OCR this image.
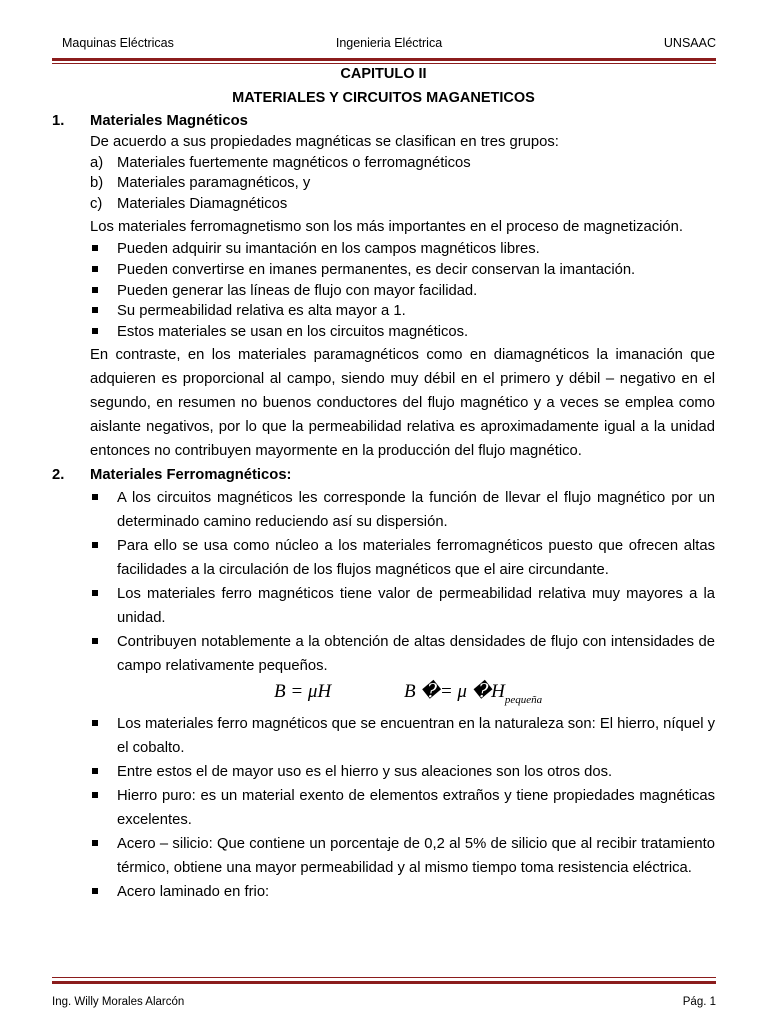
Maquinas Eléctricas	Ingenieria Eléctrica	UNSAAC
CAPITULO II
MATERIALES Y CIRCUITOS MAGANETICOS
1. Materiales Magnéticos
De acuerdo a sus propiedades magnéticas se clasifican en tres grupos:
a) Materiales fuertemente magnéticos o ferromagnéticos
b) Materiales paramagnéticos, y
c) Materiales Diamagnéticos
Los materiales ferromagnetismo son los más importantes en el proceso de magnetización.
Pueden adquirir su imantación en los campos magnéticos libres.
Pueden convertirse en imanes permanentes, es decir conservan la imantación.
Pueden generar las líneas de flujo con mayor facilidad.
Su permeabilidad relativa es alta mayor a 1.
Estos materiales se usan en los circuitos magnéticos.
En contraste, en los materiales paramagnéticos como en diamagnéticos la imanación que adquieren es proporcional al campo, siendo muy débil en el primero y débil – negativo en el segundo, en resumen no buenos conductores del flujo magnético y a veces se emplea como aislante negativos, por lo que la permeabilidad relativa es aproximadamente igual a la unidad entonces no contribuyen mayormente en la producción del flujo magnético.
2. Materiales Ferromagnéticos:
A los circuitos magnéticos les corresponde la función de llevar el flujo magnético por un determinado camino reduciendo así su dispersión.
Para ello se usa como núcleo a los materiales ferromagnéticos puesto que ofrecen altas facilidades a la circulación de los flujos magnéticos que el aire circundante.
Los materiales ferro magnéticos tiene valor de permeabilidad relativa muy mayores a la unidad.
Contribuyen notablemente a la obtención de altas densidades de flujo con intensidades de campo relativamente pequeños.
B = μH	B �= μ $�H_{pequeña}$
Los materiales ferro magnéticos que se encuentran en la naturaleza son: El hierro, níquel y el cobalto.
Entre estos el de mayor uso es el hierro y sus aleaciones son los otros dos.
Hierro puro: es un material exento de elementos extraños y tiene propiedades magnéticas excelentes.
Acero – silicio: Que contiene un porcentaje de 0,2 al 5% de silicio que al recibir tratamiento térmico, obtiene una mayor permeabilidad y al mismo tiempo toma resistencia eléctrica.
Acero laminado en frio:
Ing. Willy Morales Alarcón	Pág. 1
